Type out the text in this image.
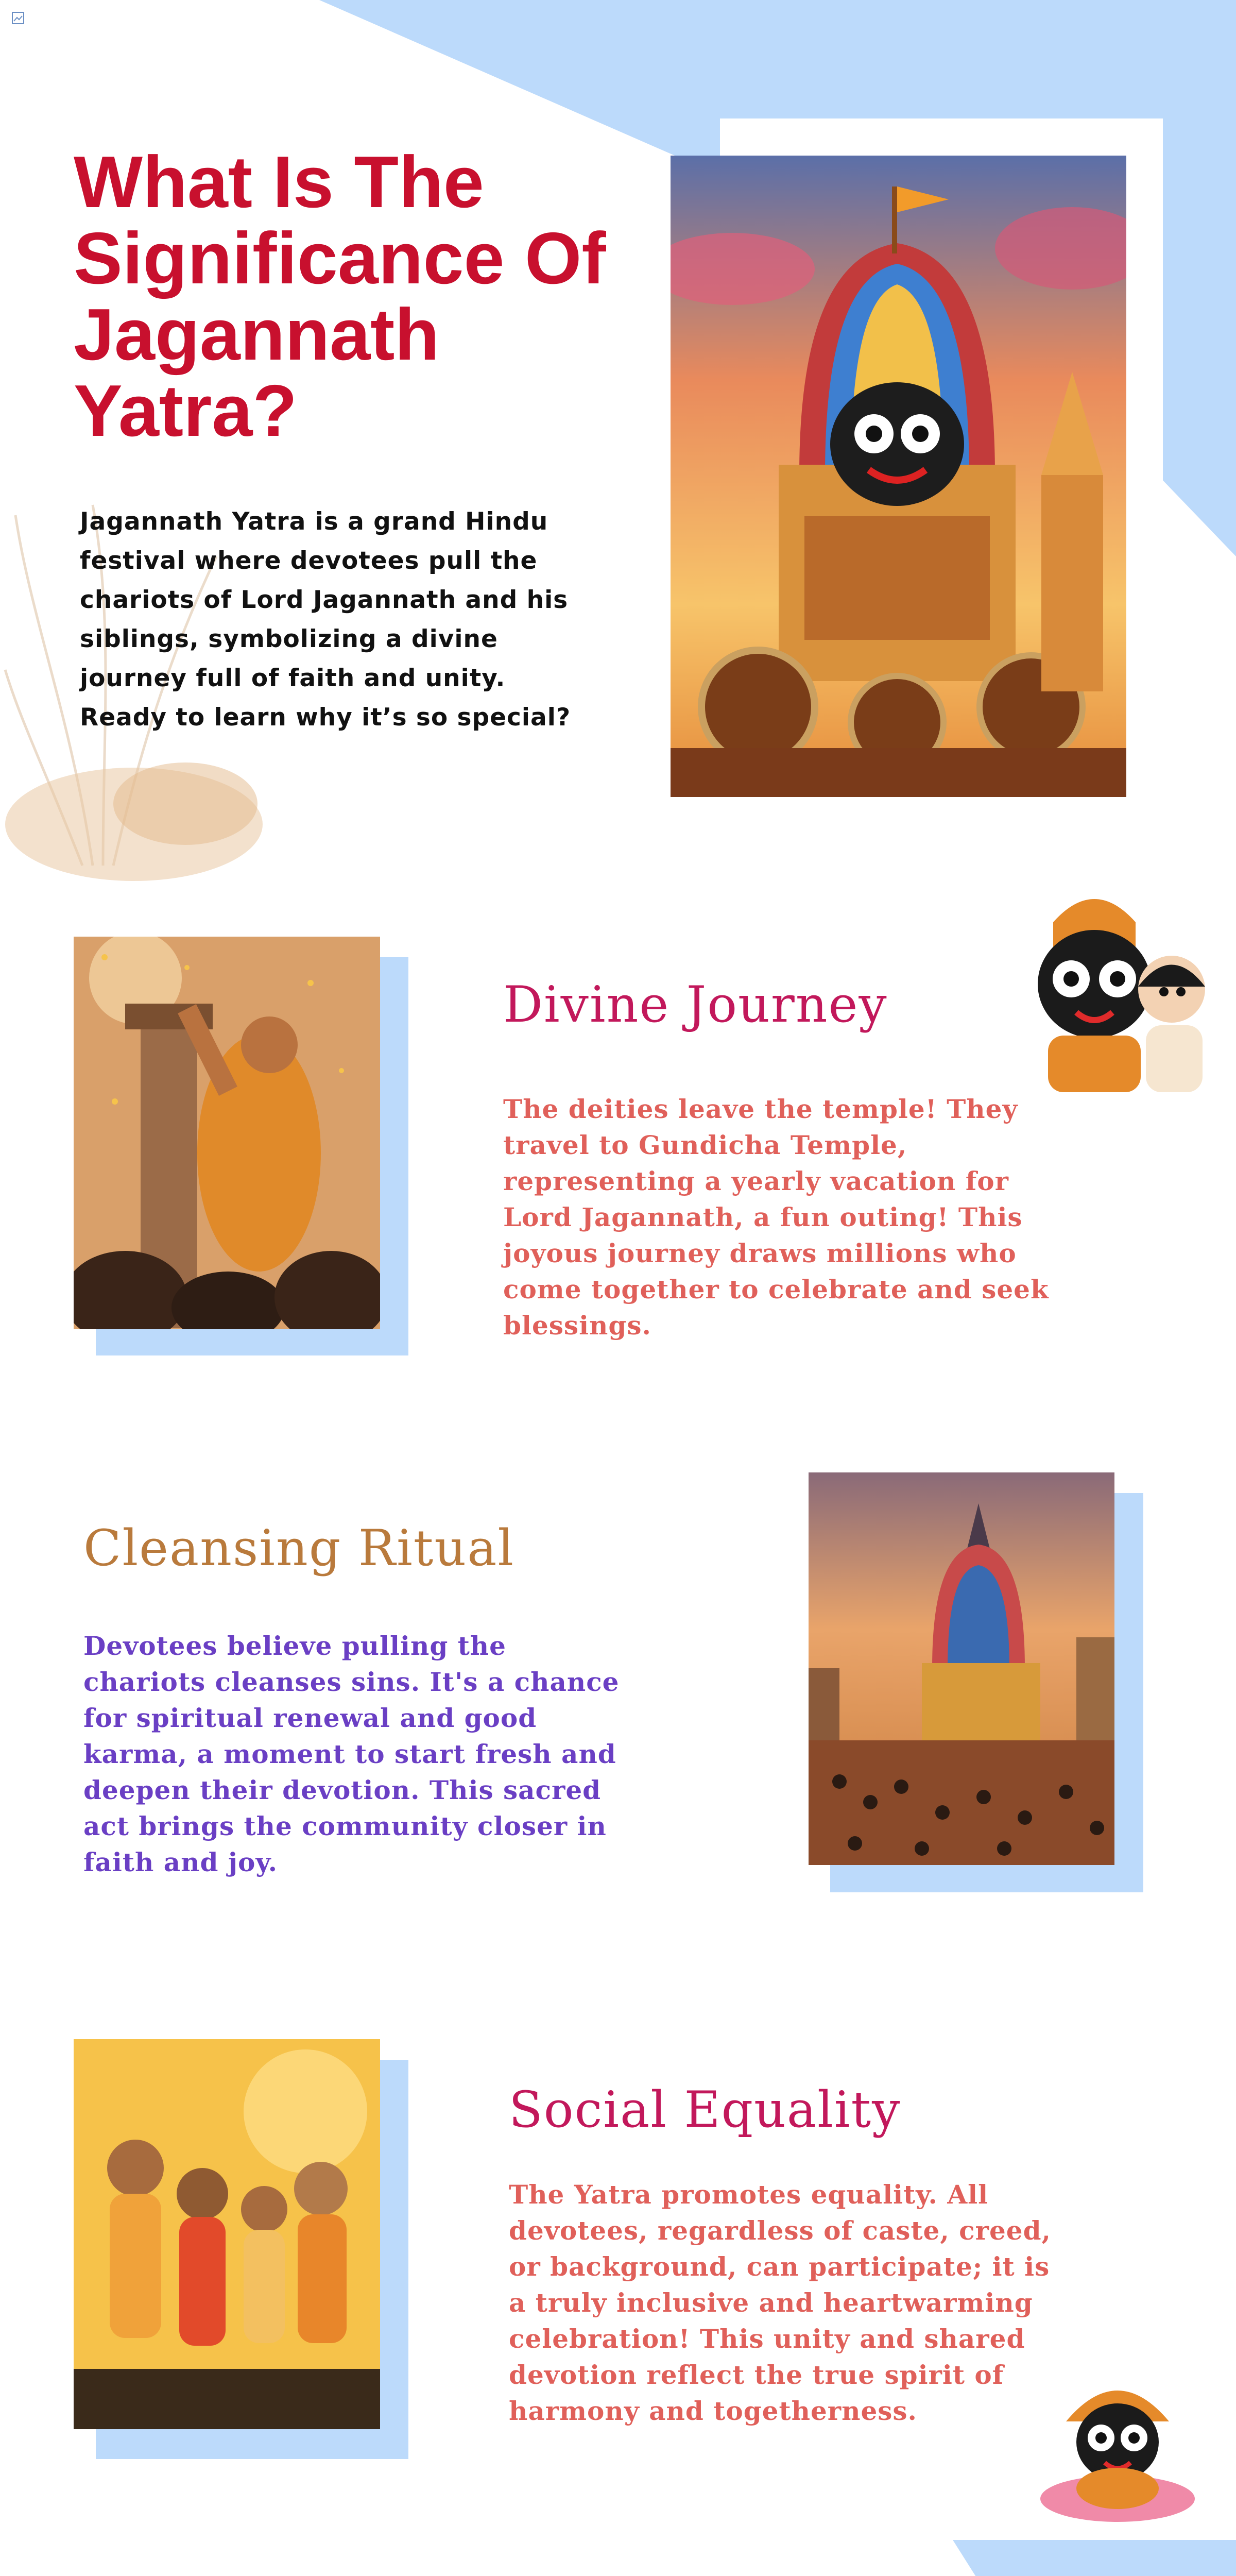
What Is The
Significance Of
Jagannath
Yatra?
Jagannath Yatra is a grand Hindu
festival where devotees pull the
chariots of Lord Jagannath and his
siblings, symbolizing a divine
journey full of faith and unity.
Ready to learn why it’s so special?
Divine Journey
The deities leave the temple! They
travel to Gundicha Temple,
representing a yearly vacation for
Lord Jagannath, a fun outing! This
joyous journey draws millions who
come together to celebrate and seek
blessings.
Cleansing Ritual
Devotees believe pulling the
chariots cleanses sins. It's a chance
for spiritual renewal and good
karma, a moment to start fresh and
deepen their devotion. This sacred
act brings the community closer in
faith and joy.
Social Equality
The Yatra promotes equality. All
devotees, regardless of caste, creed,
or background, can participate; it is
a truly inclusive and heartwarming
celebration! This unity and shared
devotion reflect the true spirit of
harmony and togetherness.
